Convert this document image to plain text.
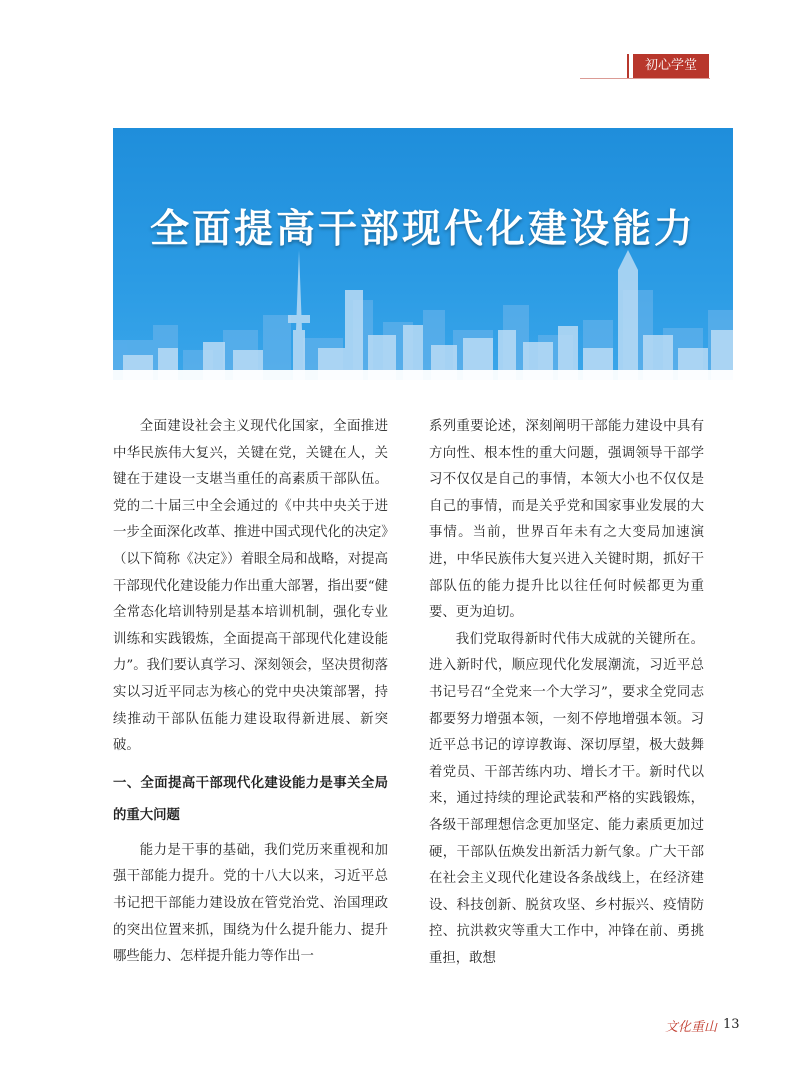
初心学堂
全面提高干部现代化建设能力

全面建设社会主义现代化国家，全面推进中华民族伟大复兴，关键在党，关键在人，关键在于建设一支堪当重任的高素质干部队伍。党的二十届三中全会通过的《中共中央关于进一步全面深化改革、推进中国式现代化的决定》（以下简称《决定》）着眼全局和战略，对提高干部现代化建设能力作出重大部署，指出要“健全常态化培训特别是基本培训机制，强化专业训练和实践锻炼，全面提高干部现代化建设能力”。我们要认真学习、深刻领会，坚决贯彻落实以习近平同志为核心的党中央决策部署，持续推动干部队伍能力建设取得新进展、新突破。

一、全面提高干部现代化建设能力是事关全局的重大问题

能力是干事的基础，我们党历来重视和加强干部能力提升。党的十八大以来，习近平总书记把干部能力建设放在管党治党、治国理政的突出位置来抓，围绕为什么提升能力、提升哪些能力、怎样提升能力等作出一

系列重要论述，深刻阐明干部能力建设中具有方向性、根本性的重大问题，强调领导干部学习不仅仅是自己的事情，本领大小也不仅仅是自己的事情，而是关乎党和国家事业发展的大事情。当前，世界百年未有之大变局加速演进，中华民族伟大复兴进入关键时期，抓好干部队伍的能力提升比以往任何时候都更为重要、更为迫切。

我们党取得新时代伟大成就的关键所在。进入新时代，顺应现代化发展潮流，习近平总书记号召“全党来一个大学习”，要求全党同志都要努力增强本领，一刻不停地增强本领。习近平总书记的谆谆教诲、深切厚望，极大鼓舞着党员、干部苦练内功、增长才干。新时代以来，通过持续的理论武装和严格的实践锻炼，各级干部理想信念更加坚定、能力素质更加过硬，干部队伍焕发出新活力新气象。广大干部在社会主义现代化建设各条战线上，在经济建设、科技创新、脱贫攻坚、乡村振兴、疫情防控、抗洪救灾等重大工作中，冲锋在前、勇挑重担，敢想

文化重山 13
